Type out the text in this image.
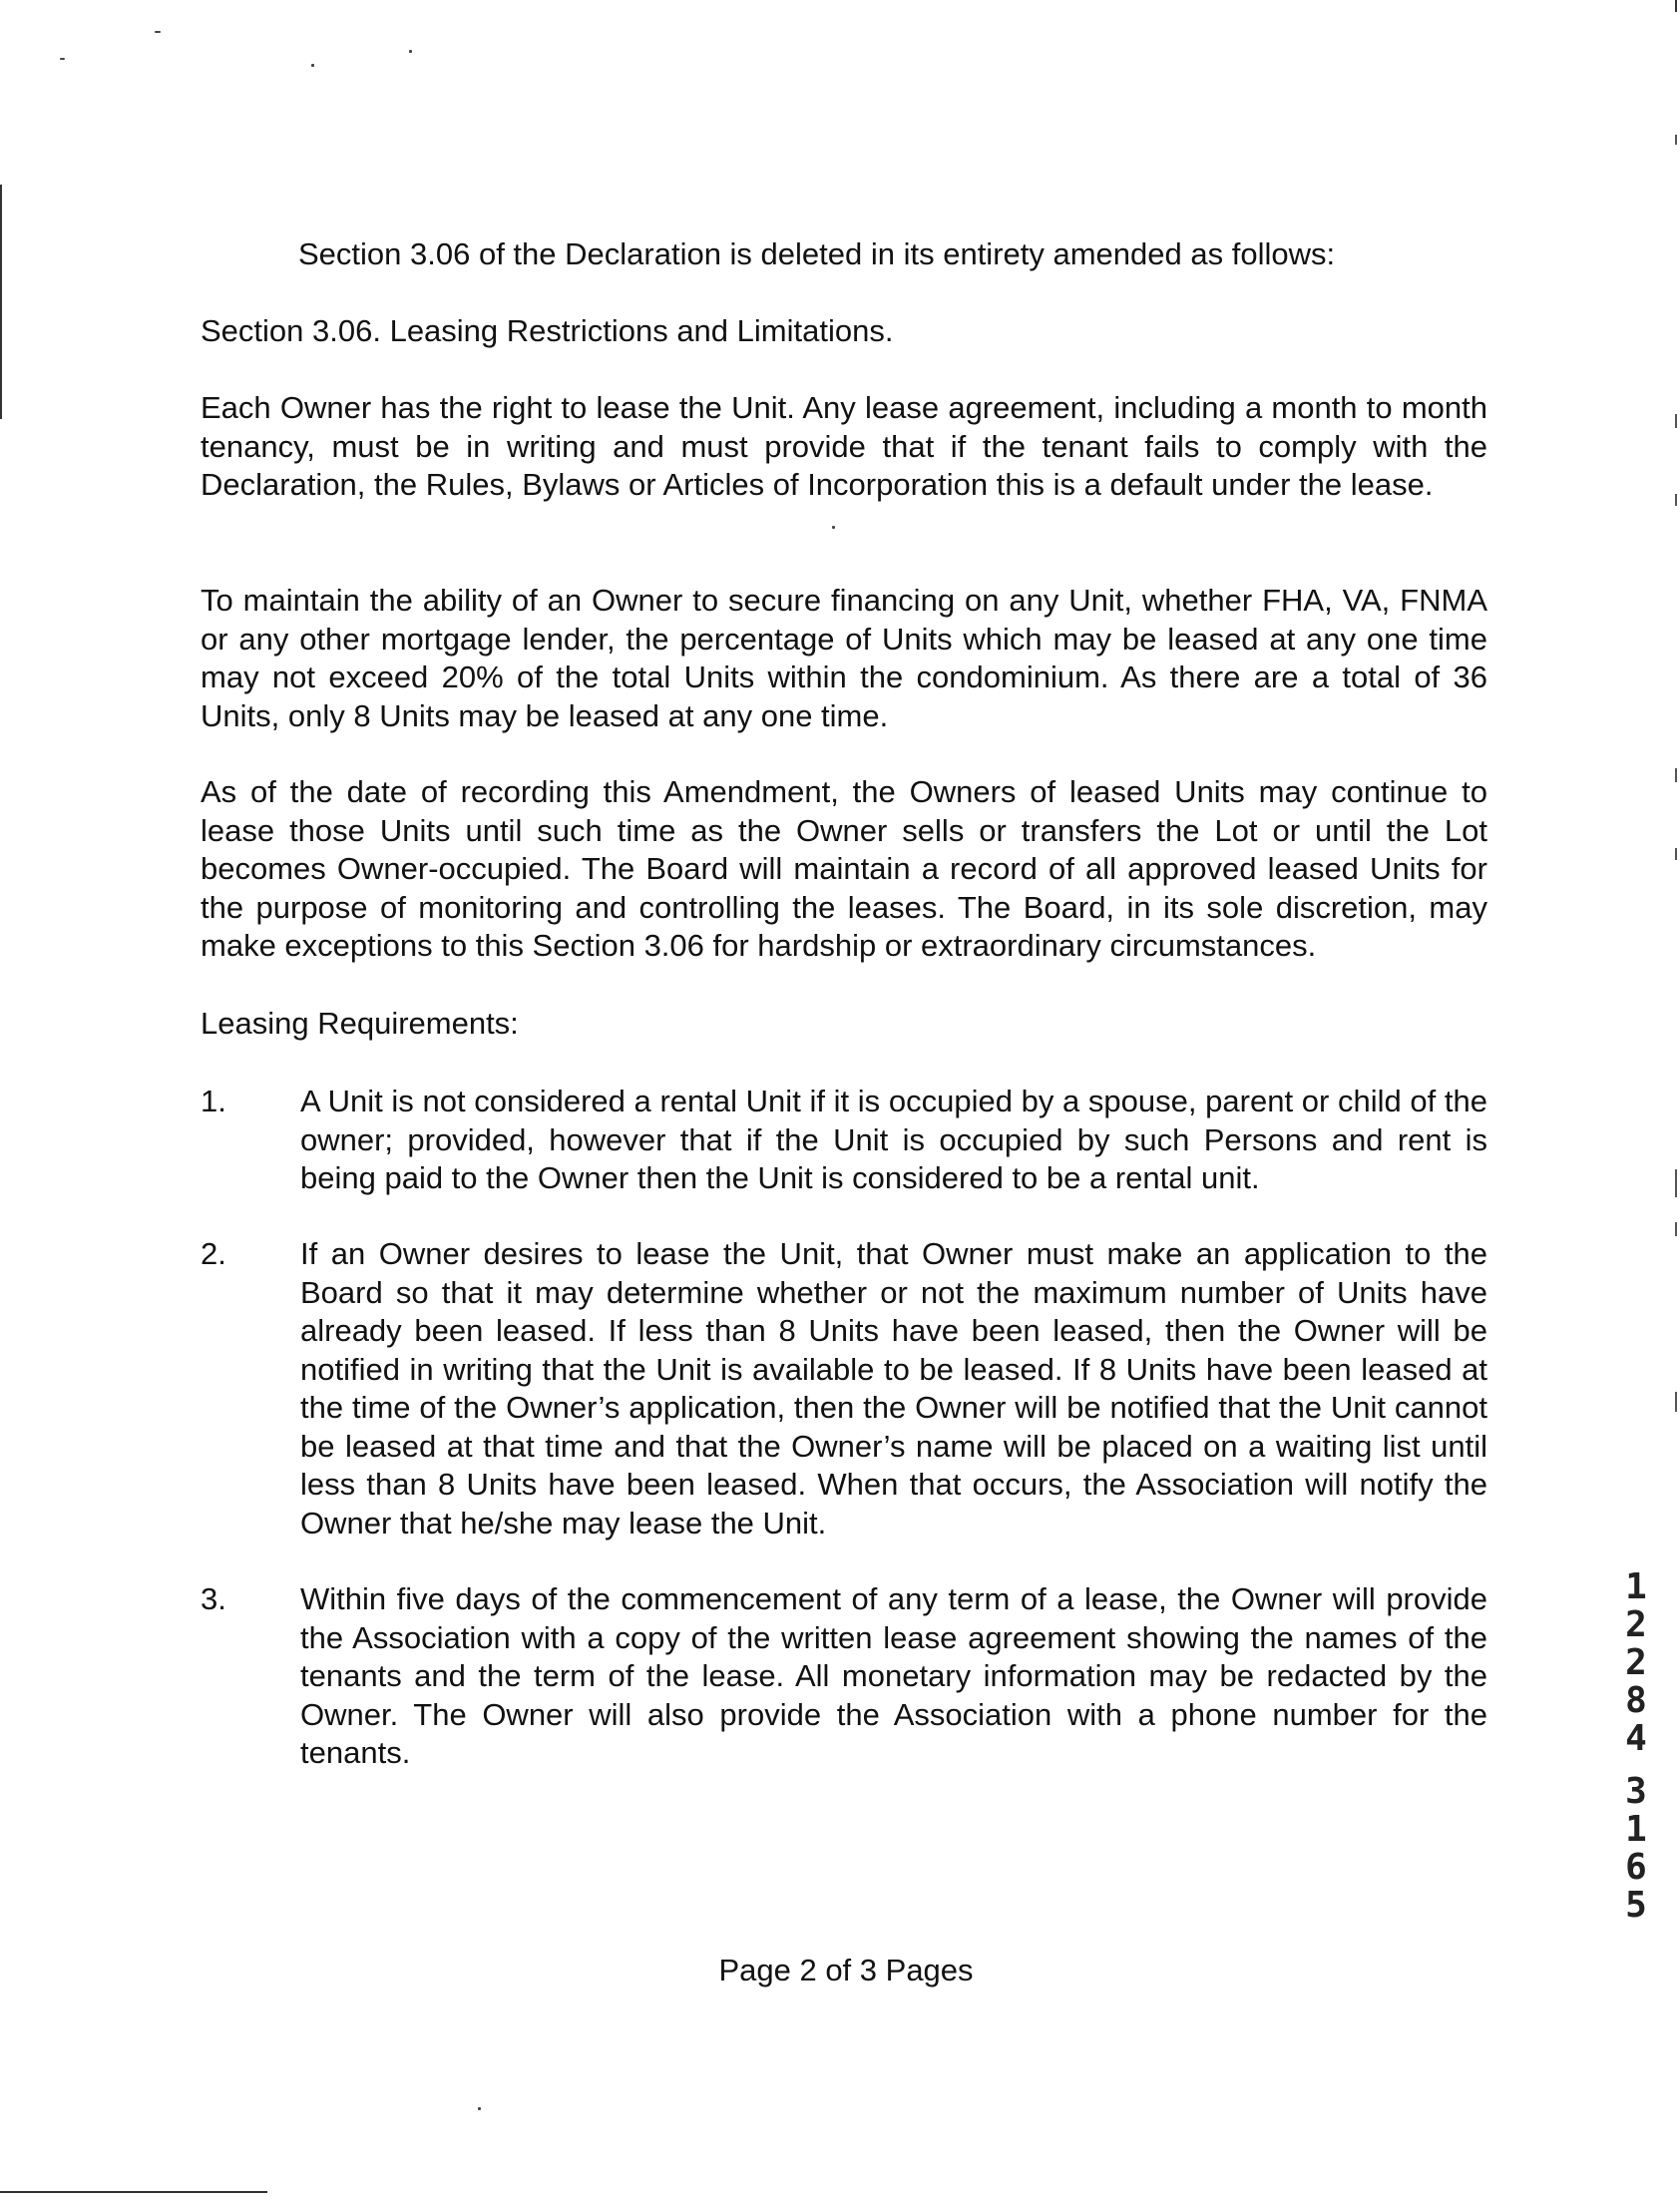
Section 3.06 of the Declaration is deleted in its entirety amended as follows:
Section 3.06. Leasing Restrictions and Limitations.
Each Owner has the right to lease the Unit. Any lease agreement, including a month to month tenancy, must be in writing and must provide that if the tenant fails to comply with the Declaration, the Rules, Bylaws or Articles of Incorporation this is a default under the lease.
To maintain the ability of an Owner to secure financing on any Unit, whether FHA, VA, FNMA or any other mortgage lender, the percentage of Units which may be leased at any one time may not exceed 20% of the total Units within the condominium. As there are a total of 36 Units, only 8 Units may be leased at any one time.
As of the date of recording this Amendment, the Owners of leased Units may continue to lease those Units until such time as the Owner sells or transfers the Lot or until the Lot becomes Owner-occupied. The Board will maintain a record of all approved leased Units for the purpose of monitoring and controlling the leases. The Board, in its sole discretion, may make exceptions to this Section 3.06 for hardship or extraordinary circumstances.
Leasing Requirements:
1. A Unit is not considered a rental Unit if it is occupied by a spouse, parent or child of the owner; provided, however that if the Unit is occupied by such Persons and rent is being paid to the Owner then the Unit is considered to be a rental unit.
2. If an Owner desires to lease the Unit, that Owner must make an application to the Board so that it may determine whether or not the maximum number of Units have already been leased. If less than 8 Units have been leased, then the Owner will be notified in writing that the Unit is available to be leased. If 8 Units have been leased at the time of the Owner’s application, then the Owner will be notified that the Unit cannot be leased at that time and that the Owner’s name will be placed on a waiting list until less than 8 Units have been leased. When that occurs, the Association will notify the Owner that he/she may lease the Unit.
3. Within five days of the commencement of any term of a lease, the Owner will provide the Association with a copy of the written lease agreement showing the names of the tenants and the term of the lease. All monetary information may be redacted by the Owner. The Owner will also provide the Association with a phone number for the tenants.
Page 2 of 3 Pages
1
2
2
8
4
3
1
6
5
